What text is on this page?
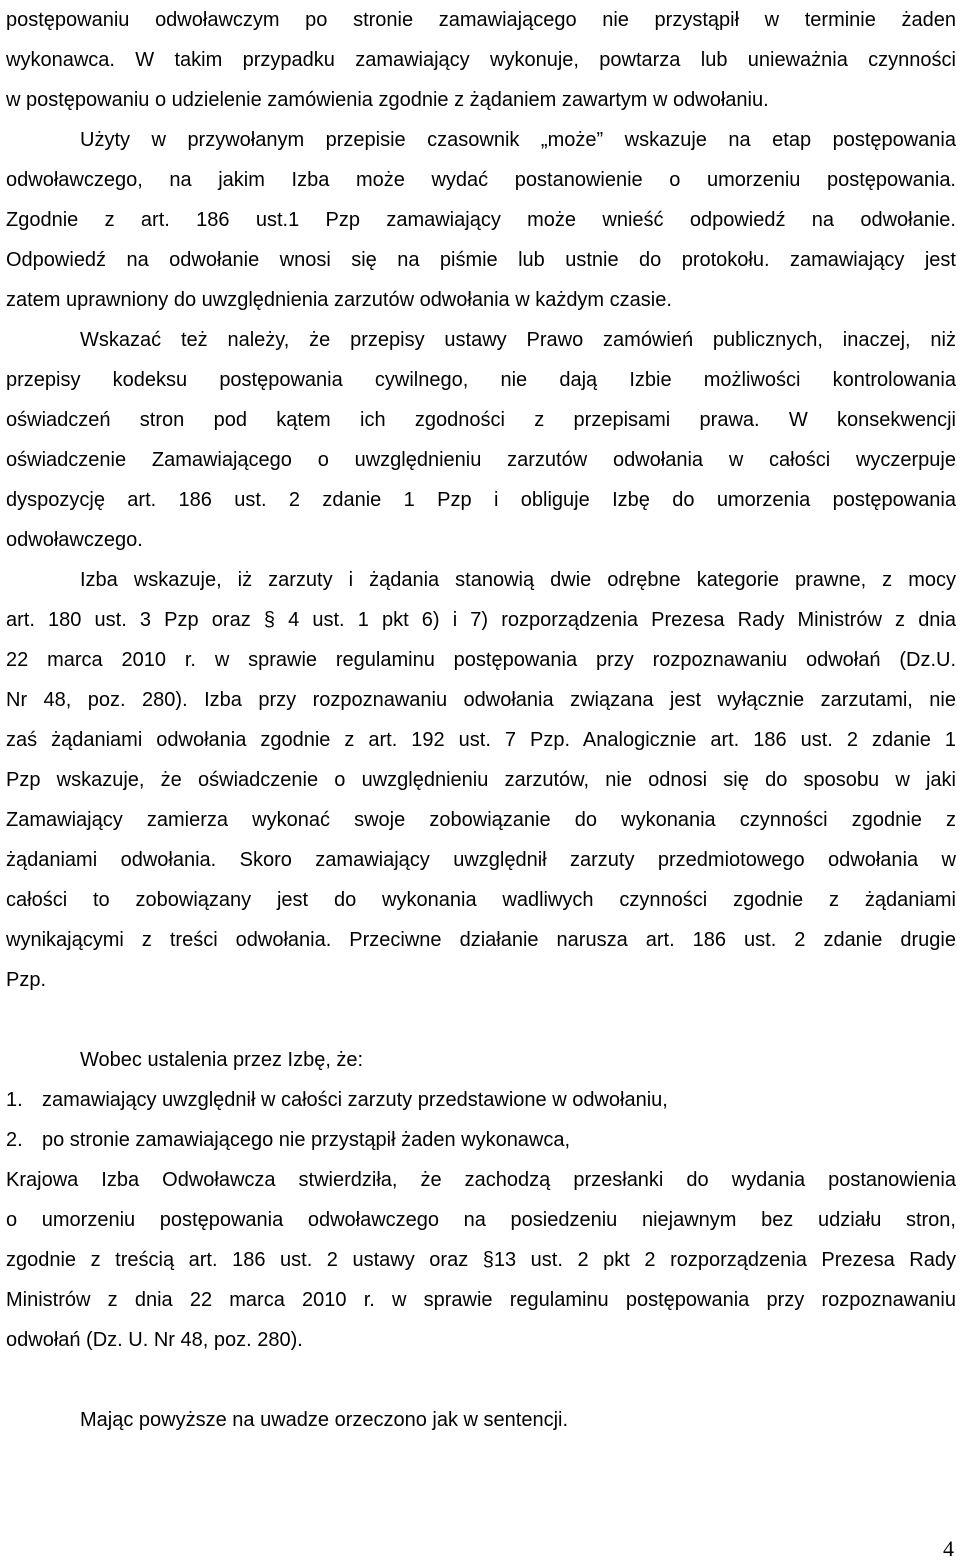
postępowaniu odwoławczym po stronie zamawiającego nie przystąpił w terminie żaden
wykonawca. W takim przypadku zamawiający wykonuje, powtarza lub unieważnia czynności
w postępowaniu o udzielenie zamówienia zgodnie z żądaniem zawartym w odwołaniu.
Użyty w przywołanym przepisie czasownik „może” wskazuje na etap postępowania
odwoławczego, na jakim Izba może wydać postanowienie o umorzeniu postępowania.
Zgodnie z art. 186 ust.1 Pzp zamawiający może wnieść odpowiedź na odwołanie.
Odpowiedź na odwołanie wnosi się na piśmie lub ustnie do protokołu. zamawiający jest
zatem uprawniony do uwzględnienia zarzutów odwołania w każdym czasie.
Wskazać też należy, że przepisy ustawy Prawo zamówień publicznych, inaczej, niż
przepisy kodeksu postępowania cywilnego, nie dają Izbie możliwości kontrolowania
oświadczeń stron pod kątem ich zgodności z przepisami prawa. W konsekwencji
oświadczenie Zamawiającego o uwzględnieniu zarzutów odwołania w całości wyczerpuje
dyspozycję art. 186 ust. 2 zdanie 1 Pzp i obliguje Izbę do umorzenia postępowania
odwoławczego.
Izba wskazuje, iż zarzuty i żądania stanowią dwie odrębne kategorie prawne, z mocy
art. 180 ust. 3 Pzp oraz § 4 ust. 1 pkt 6) i 7) rozporządzenia Prezesa Rady Ministrów z dnia
22 marca 2010 r. w sprawie regulaminu postępowania przy rozpoznawaniu odwołań (Dz.U.
Nr 48, poz. 280). Izba przy rozpoznawaniu odwołania związana jest wyłącznie zarzutami, nie
zaś żądaniami odwołania zgodnie z art. 192 ust. 7 Pzp. Analogicznie art. 186 ust. 2 zdanie 1
Pzp wskazuje, że oświadczenie o uwzględnieniu zarzutów, nie odnosi się do sposobu w jaki
Zamawiający zamierza wykonać swoje zobowiązanie do wykonania czynności zgodnie z
żądaniami odwołania. Skoro zamawiający uwzględnił zarzuty przedmiotowego odwołania w
całości to zobowiązany jest do wykonania wadliwych czynności zgodnie z żądaniami
wynikającymi z treści odwołania. Przeciwne działanie narusza art. 186 ust. 2 zdanie drugie
Pzp.
Wobec ustalenia przez Izbę, że:
1. zamawiający uwzględnił w całości zarzuty przedstawione w odwołaniu,
2. po stronie zamawiającego nie przystąpił żaden wykonawca,
Krajowa Izba Odwoławcza stwierdziła, że zachodzą przesłanki do wydania postanowienia
o umorzeniu postępowania odwoławczego na posiedzeniu niejawnym bez udziału stron,
zgodnie z treścią art. 186 ust. 2 ustawy oraz §13 ust. 2 pkt 2 rozporządzenia Prezesa Rady
Ministrów z dnia 22 marca 2010 r. w sprawie regulaminu postępowania przy rozpoznawaniu
odwołań (Dz. U. Nr 48, poz. 280).
Mając powyższe na uwadze orzeczono jak w sentencji.
4
